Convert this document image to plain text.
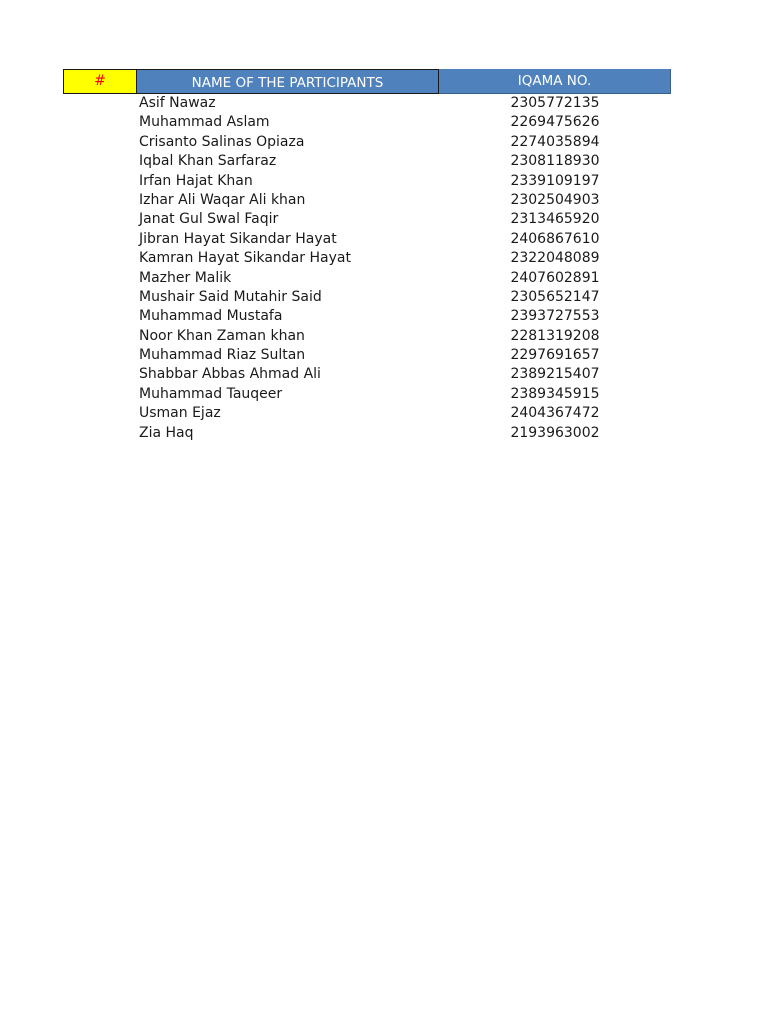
#	NAME OF THE PARTICIPANTS	IQAMA NO.
Asif Nawaz	2305772135
Muhammad Aslam	2269475626
Crisanto Salinas Opiaza	2274035894
Iqbal Khan Sarfaraz	2308118930
Irfan Hajat Khan	2339109197
Izhar Ali Waqar Ali khan	2302504903
Janat Gul Swal Faqir	2313465920
Jibran Hayat Sikandar Hayat	2406867610
Kamran Hayat Sikandar Hayat	2322048089
Mazher Malik	2407602891
Mushair Said Mutahir Said	2305652147
Muhammad Mustafa	2393727553
Noor Khan Zaman khan	2281319208
Muhammad Riaz Sultan	2297691657
Shabbar Abbas Ahmad Ali	2389215407
Muhammad Tauqeer	2389345915
Usman Ejaz	2404367472
Zia Haq	2193963002
